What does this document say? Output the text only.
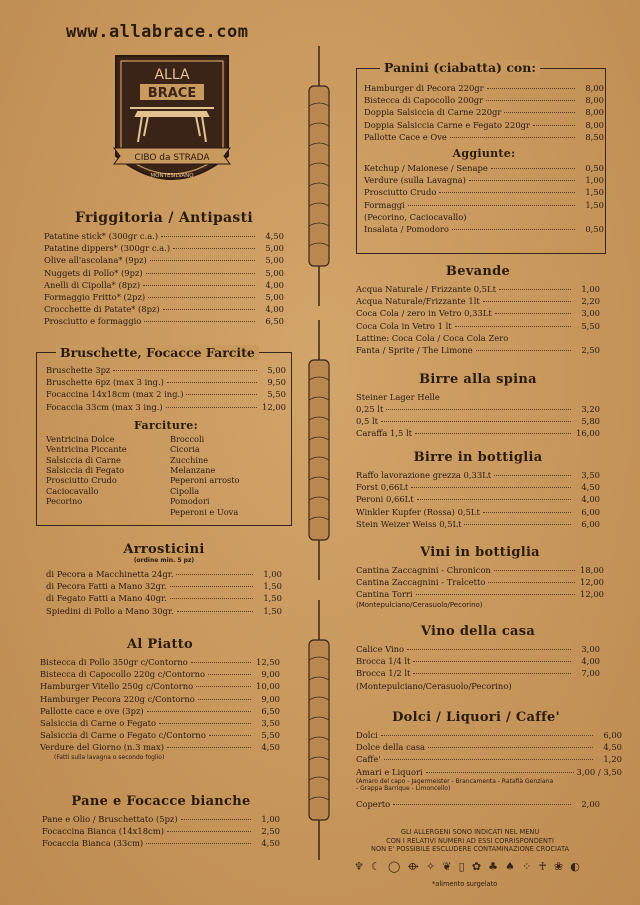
www.allabrace.com
ALLA
BRACE
CIBO da STRADA
MONTESILVANO
Friggitoria / Antipasti
Patatine stick* (300gr c.a.)	4,50
Patatine dippers* (300gr c.a.)	5,00
Olive all'ascolana* (9pz)	5,00
Nuggets di Pollo* (9pz)	5,00
Anelli di Cipolla* (8pz)	4,00
Formaggio Fritto* (2pz)	5,00
Crocchette di Patate* (8pz)	4,00
Prosciutto e formaggio	6,50
Bruschette, Focacce Farcite
Bruschette 3pz	5,00
Bruschette 6pz (max 3 ing.)	9,50
Focaccina 14x18cm (max 2 ing.)	5,50
Focaccia 33cm (max 3 ing.)	12,00
Farciture:
Ventricina Dolce
Ventricina Piccante
Salsiccia di Carne
Salsiccia di Fegato
Prosciutto Crudo
Caciocavallo
Pecorino
Broccoli
Cicoria
Zucchine
Melanzane
Peperoni arrosto
Cipolla
Pomodori
Peperoni e Uova
Arrosticini
(ordine min. 5 pz)
di Pecora a Macchinetta 24gr.	1,00
di Pecora Fatti a Mano 32gr.	1,50
di Fegato Fatti a Mano 40gr.	1,50
Spiedini di Pollo a Mano 30gr.	1,50
Al Piatto
Bistecca di Pollo 350gr c/Contorno	12,50
Bistecca di Capocollo 220g c/Contorno	9,00
Hamburger Vitello 250g c/Contorno	10,00
Hamburger Pecora 220g c/Contorno	9,00
Pallotte cace e ove (3pz)	6,50
Salsiccia di Carne o Fegato	3,50
Salsiccia di Carne o Fegato c/Contorno	5,50
Verdure del Giorno (n.3 max)	4,50
(Fatti sulla lavagna o secondo foglio)
Pane e Focacce bianche
Pane e Olio / Bruschettato (5pz)	1,00
Focaccina Bianca (14x18cm)	2,50
Focaccia Bianca (33cm)	4,50
Panini (ciabatta) con:
Hamburger di Pecora 220gr	8,00
Bistecca di Capocollo 200gr	8,00
Doppia Salsiccia di Carne 220gr	8,00
Doppia Salsiccia Carne e Fegato 220gr	8,00
Pallotte Cace e Ove	8,50
Aggiunte:
Ketchup / Maionese / Senape	0,50
Verdure (sulla Lavagna)	1,00
Prosciutto Crudo	1,50
Formaggi	1,50
(Pecorino, Caciocavallo)
Insalata / Pomodoro	0,50
Bevande
Acqua Naturale / Frizzante 0,5Lt	1,00
Acqua Naturale/Frizzante 1lt	2,20
Coca Cola / zero in Vetro 0,33Lt	3,00
Coca Cola in Vetro 1 lt	5,50
Lattine: Coca Cola / Coca Cola Zero
Fanta / Sprite / The Limone	2,50
Birre alla spina
Steiner Lager Helle
0,25 lt	3,20
0,5 lt	5,80
Caraffa 1,5 lt	16,00
Birre in bottiglia
Raffo lavorazione grezza 0,33Lt	3,50
Forst 0,66Lt	4,50
Peroni 0,66Lt	4,00
Winkler Kupfer (Rossa) 0,5Lt	6,00
Stein Weizer Weiss 0,5Lt	6,00
Vini in bottiglia
Cantina Zaccagnini - Chronicon	18,00
Cantina Zaccagnini - Tralcetto	12,00
Cantina Torri	12,00
(Montepulciano/Cerasuolo/Pecorino)
Vino della casa
Calice Vino	3,00
Brocca 1/4 lt	4,00
Brocca 1/2 lt	7,00
(Montepulciano/Cerasuolo/Pecorino)
Dolci / Liquori / Caffe'
Dolci	6,00
Dolce della casa	4,50
Caffe'	1,20
Amari e Liquori	3,00 / 3,50
(Amaro del capo - Jagermeister - Brancamenta - Ratafià Genziana - Grappa Barrique - Limoncello)
Coperto	2,00
GLI ALLERGENI SONO INDICATI NEL MENU
CON I RELATIVI NUMERI AD ESSI CORRISPONDENTI
NON E' POSSIBILE ESCLUDERE CONTAMINAZIONE CROCIATA
♆ ☾ ◯ ⟴ ✧ ❦ ▯ ✿ ♣ ♠ ⁘ ♰ ❀ ◐
*alimento surgelato
